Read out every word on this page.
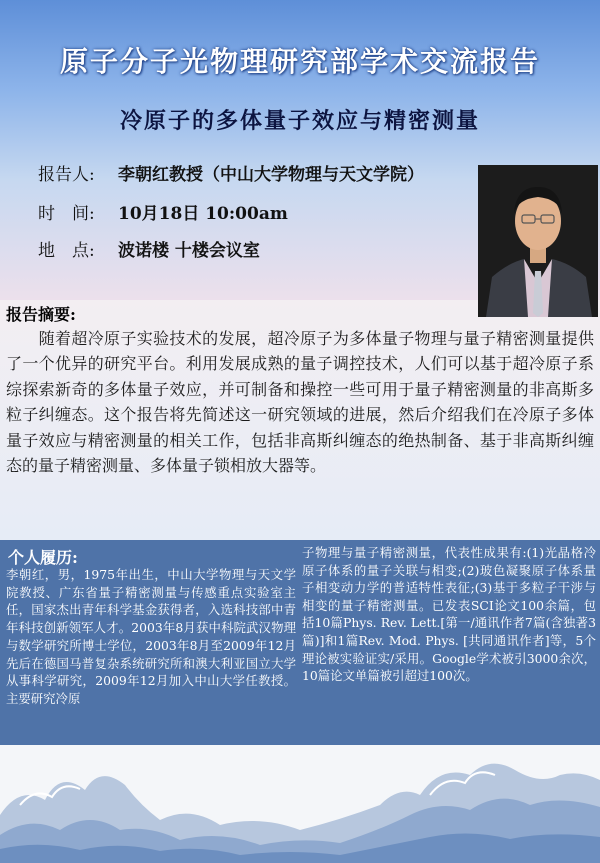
原子分子光物理研究部学术交流报告
冷原子的多体量子效应与精密测量
报告人: 李朝红教授（中山大学物理与天文学院）
时　间: 10月18日 10:00am
地　点: 波诺楼 十楼会议室
报告摘要:
　　随着超冷原子实验技术的发展，超冷原子为多体量子物理与量子精密测量提供了一个优异的研究平台。利用发展成熟的量子调控技术，人们可以基于超冷原子系综探索新奇的多体量子效应，并可制备和操控一些可用于量子精密测量的非高斯多粒子纠缠态。这个报告将先简述这一研究领域的进展，然后介绍我们在冷原子多体量子效应与精密测量的相关工作，包括非高斯纠缠态的绝热制备、基于非高斯纠缠态的量子精密测量、多体量子锁相放大器等。
个人履历:
李朝红，男，1975年出生，中山大学物理与天文学院教授、广东省量子精密测量与传感重点实验室主任，国家杰出青年科学基金获得者，入选科技部中青年科技创新领军人才。2003年8月获中科院武汉物理与数学研究所博士学位，2003年8月至2009年12月先后在德国马普复杂系统研究所和澳大利亚国立大学从事科学研究，2009年12月加入中山大学任教授。主要研究冷原
子物理与量子精密测量，代表性成果有:(1)光晶格冷原子体系的量子关联与相变;(2)玻色凝聚原子体系量子相变动力学的普适特性表征;(3)基于多粒子干涉与相变的量子精密测量。已发表SCI论文100余篇，包括10篇Phys. Rev. Lett.[第一/通讯作者7篇(含独著3篇)]和1篇Rev. Mod. Phys. [共同通讯作者]等，5个理论被实验证实/采用。Google学术被引3000余次，10篇论文单篇被引超过100次。
